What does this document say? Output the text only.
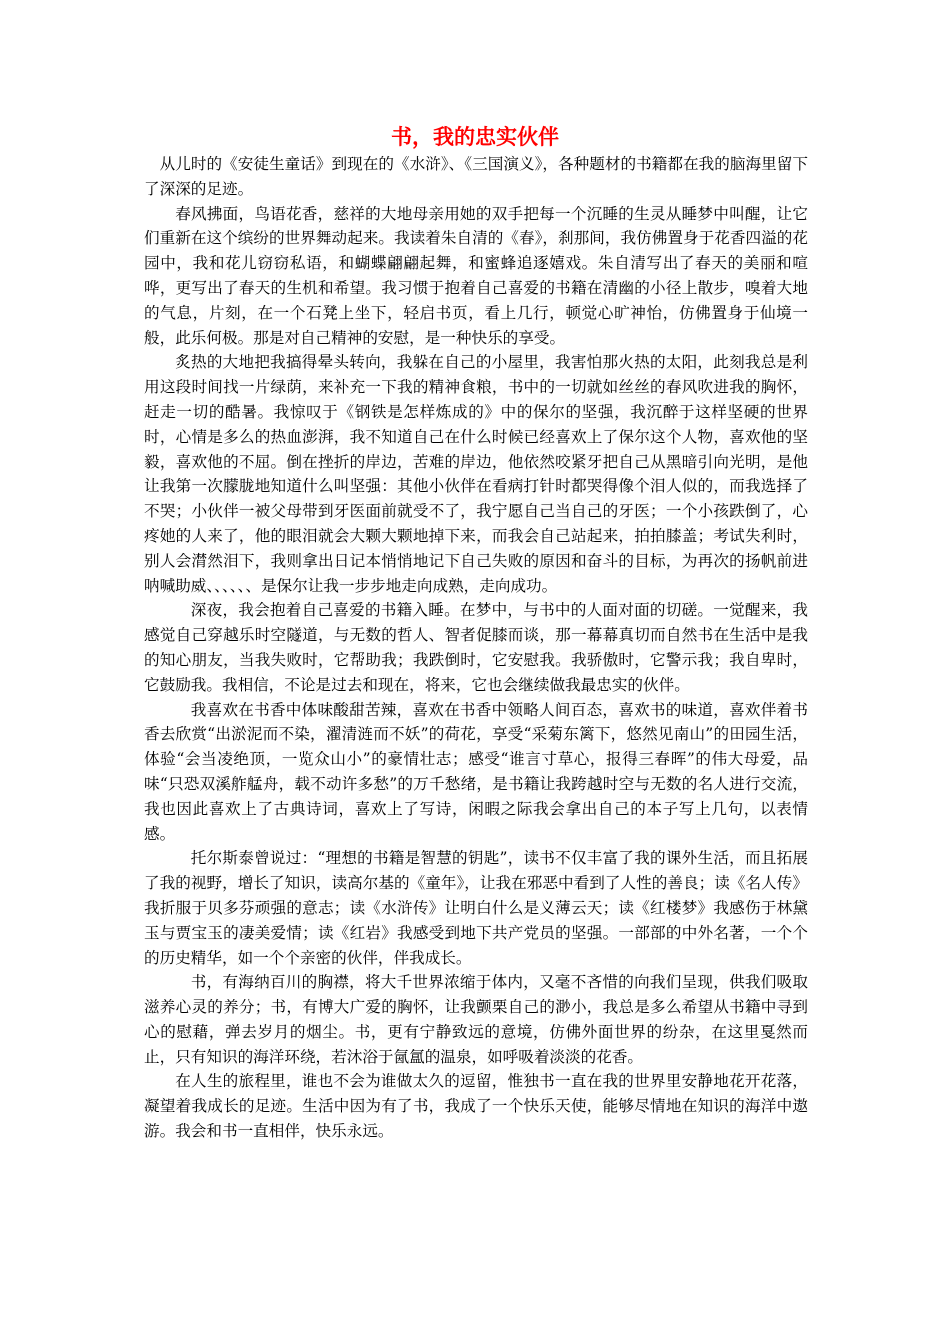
书，我的忠实伙伴

从儿时的《安徒生童话》到现在的《水浒》、《三国演义》，各种题材的书籍都在我的脑海里留下了深深的足迹。

春风拂面，鸟语花香，慈祥的大地母亲用她的双手把每一个沉睡的生灵从睡梦中叫醒，让它们重新在这个缤纷的世界舞动起来。我读着朱自清的《春》，刹那间，我仿佛置身于花香四溢的花园中，我和花儿窃窃私语，和蝴蝶翩翩起舞，和蜜蜂追逐嬉戏。朱自清写出了春天的美丽和喧哗，更写出了春天的生机和希望。我习惯于抱着自己喜爱的书籍在清幽的小径上散步，嗅着大地的气息，片刻，在一个石凳上坐下，轻启书页，看上几行，顿觉心旷神怡，仿佛置身于仙境一般，此乐何极。那是对自己精神的安慰，是一种快乐的享受。

炙热的大地把我搞得晕头转向，我躲在自己的小屋里，我害怕那火热的太阳，此刻我总是利用这段时间找一片绿荫，来补充一下我的精神食粮，书中的一切就如丝丝的春风吹进我的胸怀，赶走一切的酷暑。我惊叹于《钢铁是怎样炼成的》中的保尔的坚强，我沉醉于这样坚硬的世界时，心情是多么的热血澎湃，我不知道自己在什么时候已经喜欢上了保尔这个人物，喜欢他的坚毅，喜欢他的不屈。倒在挫折的岸边，苦难的岸边，他依然咬紧牙把自己从黑暗引向光明，是他让我第一次朦胧地知道什么叫坚强：其他小伙伴在看病打针时都哭得像个泪人似的，而我选择了不哭；小伙伴一被父母带到牙医面前就受不了，我宁愿自己当自己的牙医；一个小孩跌倒了，心疼她的人来了，他的眼泪就会大颗大颗地掉下来，而我会自己站起来，拍拍膝盖；考试失利时，别人会潸然泪下，我则拿出日记本悄悄地记下自己失败的原因和奋斗的目标，为再次的扬帆前进呐喊助威、、、、、、是保尔让我一步步地走向成熟，走向成功。

深夜，我会抱着自己喜爱的书籍入睡。在梦中，与书中的人面对面的切磋。一觉醒来，我感觉自己穿越乐时空隧道，与无数的哲人、智者促膝而谈，那一幕幕真切而自然书在生活中是我的知心朋友，当我失败时，它帮助我；我跌倒时，它安慰我。我骄傲时，它警示我；我自卑时，它鼓励我。我相信，不论是过去和现在，将来，它也会继续做我最忠实的伙伴。

我喜欢在书香中体味酸甜苦辣，喜欢在书香中领略人间百态，喜欢书的味道，喜欢伴着书香去欣赏“出淤泥而不染，濯清涟而不妖”的荷花，享受“采菊东篱下，悠然见南山”的田园生活，体验“会当凌绝顶，一览众山小”的豪情壮志；感受“谁言寸草心，报得三春晖”的伟大母爱，品味“只恐双溪舴艋舟，载不动许多愁”的万千愁绪，是书籍让我跨越时空与无数的名人进行交流，我也因此喜欢上了古典诗词，喜欢上了写诗，闲暇之际我会拿出自己的本子写上几句，以表情感。

托尔斯泰曾说过：“理想的书籍是智慧的钥匙”，读书不仅丰富了我的课外生活，而且拓展了我的视野，增长了知识，读高尔基的《童年》，让我在邪恶中看到了人性的善良；读《名人传》我折服于贝多芬顽强的意志；读《水浒传》让明白什么是义薄云天；读《红楼梦》我感伤于林黛玉与贾宝玉的凄美爱情；读《红岩》我感受到地下共产党员的坚强。一部部的中外名著，一个个的历史精华，如一个个亲密的伙伴，伴我成长。

书，有海纳百川的胸襟，将大千世界浓缩于体内，又毫不吝惜的向我们呈现，供我们吸取滋养心灵的养分；书，有博大广爱的胸怀，让我颤栗自己的渺小，我总是多么希望从书籍中寻到心的慰藉，弹去岁月的烟尘。书，更有宁静致远的意境，仿佛外面世界的纷杂，在这里戛然而止，只有知识的海洋环绕，若沐浴于氤氲的温泉，如呼吸着淡淡的花香。

在人生的旅程里，谁也不会为谁做太久的逗留，惟独书一直在我的世界里安静地花开花落，凝望着我成长的足迹。生活中因为有了书，我成了一个快乐天使，能够尽情地在知识的海洋中遨游。我会和书一直相伴，快乐永远。
